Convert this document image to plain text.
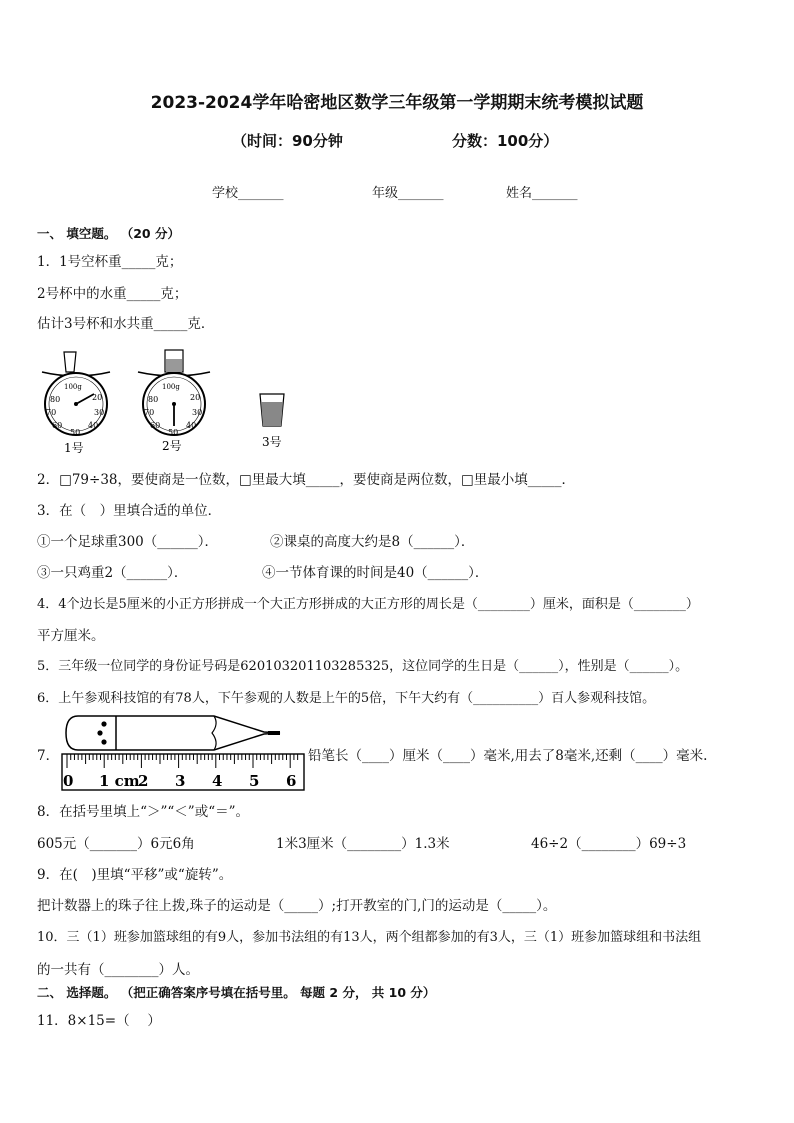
2023-2024学年哈密地区数学三年级第一学期期末统考模拟试题
（时间：90分钟	分数：100分）
学校_______	年级_______	姓名_______
一、 填空题。 （20 分）
1．1号空杯重_____克；
2号杯中的水重_____克；
估计3号杯和水共重_____克．
100g
80	20
70	30
60	40
50
100g
80	20
70	30
60	40
50
1号	2号	3号
2．□79÷38，要使商是一位数，□里最大填_____，要使商是两位数，□里最小填_____．
3．在（　）里填合适的单位．
①一个足球重300（______）．	②课桌的高度大约是8（______）．
③一只鸡重2（______）．	④一节体育课的时间是40（______）．
4．4个边长是5厘米的小正方形拼成一个大正方形拼成的大正方形的周长是（________）厘米，面积是（________）
平方厘米。
5．三年级一位同学的身份证号码是620103201103285325，这位同学的生日是（______），性别是（______）。
6．上午参观科技馆的有78人，下午参观的人数是上午的5倍，下午大约有（__________）百人参观科技馆。
7．
0 1 cm
2 3 4 5 6
铅笔长（____）厘米（____）毫米,用去了8毫米,还剩（____）毫米.
8．在括号里填上“＞”“＜”或“＝”。
605元（_______）6元6角	1米3厘米（________）1.3米	46÷2（________）69÷3
9．在(　)里填“平移”或“旋转”。
把计数器上的珠子往上拨,珠子的运动是（_____）;打开教室的门,门的运动是（_____）。
10．三（1）班参加篮球组的有9人，参加书法组的有13人，两个组都参加的有3人，三（1）班参加篮球组和书法组
的一共有（________）人。
二、 选择题。 （把正确答案序号填在括号里。 每题 2 分， 共 10 分）
11．8×15=（　 ）
